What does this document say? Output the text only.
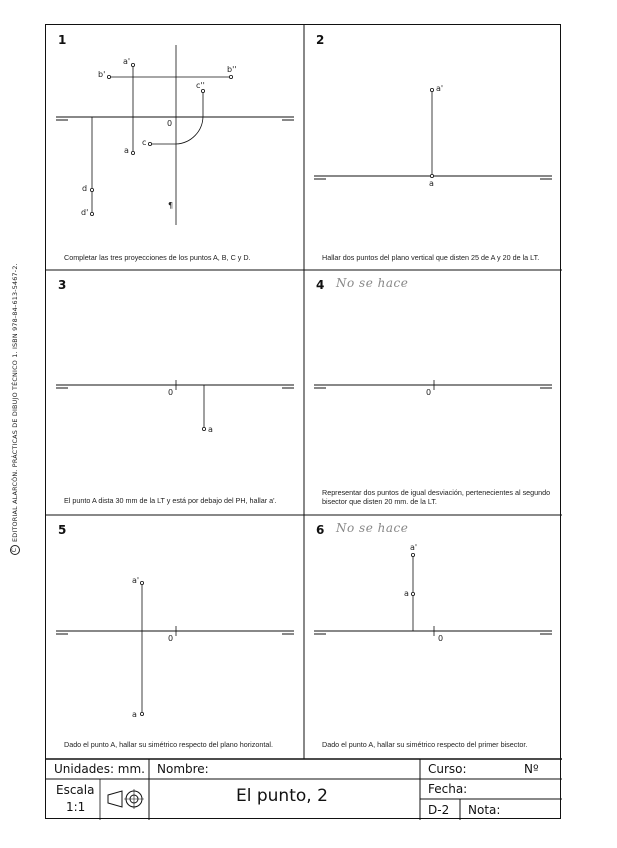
CEDITORIAL ALARCÓN. PRÁCTICAS DE DIBUJO TÉCNICO 1. ISBN 978-84-613-5467-2.
1
a'
b'
b''
c''
0
c
a
d
d'
¶
Completar las tres proyecciones de los puntos A, B, C y D.
2
a'
a
Hallar dos puntos del plano vertical que disten 25 de A y 20 de la LT.
3
0
a
El punto A dista 30 mm de la LT y está por debajo del PH, hallar a'.
4 No se hace
0
Representar dos puntos de igual desviación, pertenecientes al segundo bisector que disten 20 mm. de la LT.
5
a'
0
a
Dado el punto A, hallar su simétrico respecto del plano horizontal.
6 No se hace
a'
a
0
Dado el punto A, hallar su simétrico respecto del primer bisector.
Unidades: mm. Nombre:	Curso:	Nº
Escala
1:1
El punto, 2	Fecha:
D-2 Nota:
